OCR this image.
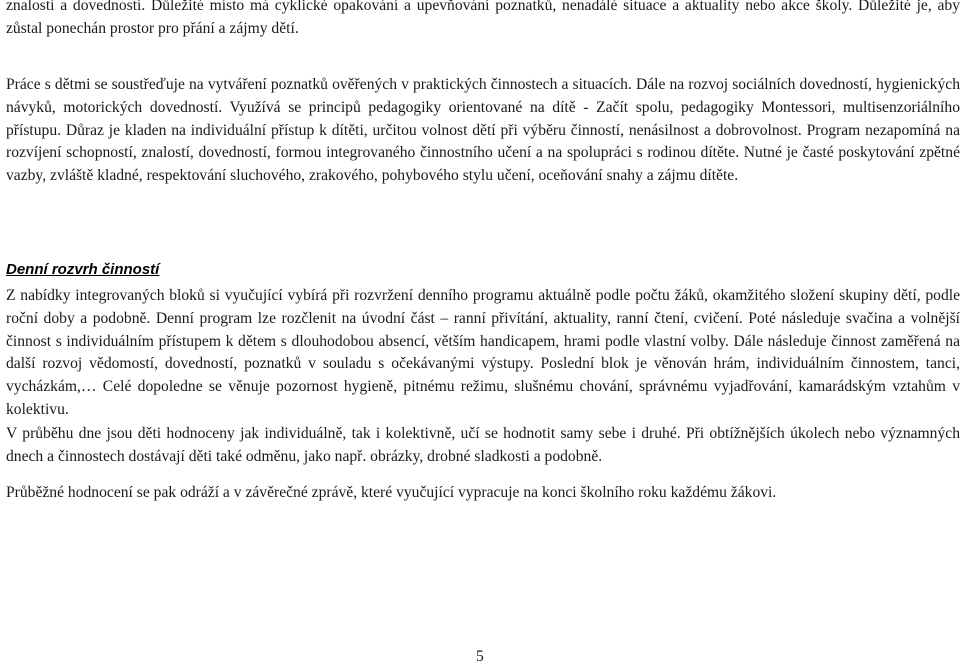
znalostí a dovedností. Důležité místo má cyklické opakování a upevňování poznatků, nenadálé situace a aktuality nebo akce školy. Důležité je, aby zůstal ponechán prostor pro přání a zájmy dětí.

Práce s dětmi se soustřeďuje na vytváření poznatků ověřených v praktických činnostech a situacích. Dále na rozvoj sociálních dovedností, hygienických návyků, motorických dovedností. Využívá se principů pedagogiky orientované na dítě - Začít spolu, pedagogiky Montessori, multisenzoriálního přístupu. Důraz je kladen na individuální přístup k dítěti, určitou volnost dětí při výběru činností, nenásilnost a dobrovolnost. Program nezapomíná na rozvíjení schopností, znalostí, dovedností, formou integrovaného činnostního učení a na spolupráci s rodinou dítěte. Nutné je časté poskytování zpětné vazby, zvláště kladné, respektování sluchového, zrakového, pohybového stylu učení, oceňování snahy a zájmu dítěte.

Denní rozvrh činností

Z nabídky integrovaných bloků si vyučující vybírá při rozvržení denního programu aktuálně podle počtu žáků, okamžitého složení skupiny dětí, podle roční doby a podobně. Denní program lze rozčlenit na úvodní část – ranní přivítání, aktuality, ranní čtení, cvičení. Poté následuje svačina a volnější činnost s individuálním přístupem k dětem s dlouhodobou absencí, větším handicapem, hrami podle vlastní volby. Dále následuje činnost zaměřená na další rozvoj vědomostí, dovedností, poznatků v souladu s očekávanými výstupy. Poslední blok je věnován hrám, individuálním činnostem, tanci, vycházkám,… Celé dopoledne se věnuje pozornost hygieně, pitnému režimu, slušnému chování, správnému vyjadřování, kamarádským vztahům v kolektivu.

V průběhu dne jsou děti hodnoceny jak individuálně, tak i kolektivně, učí se hodnotit samy sebe i druhé. Při obtížnějších úkolech nebo významných dnech a činnostech dostávají děti také odměnu, jako např. obrázky, drobné sladkosti a podobně.

Průběžné hodnocení se pak odráží a v závěrečné zprávě, které vyučující vypracuje na konci školního roku každému žákovi.

5
